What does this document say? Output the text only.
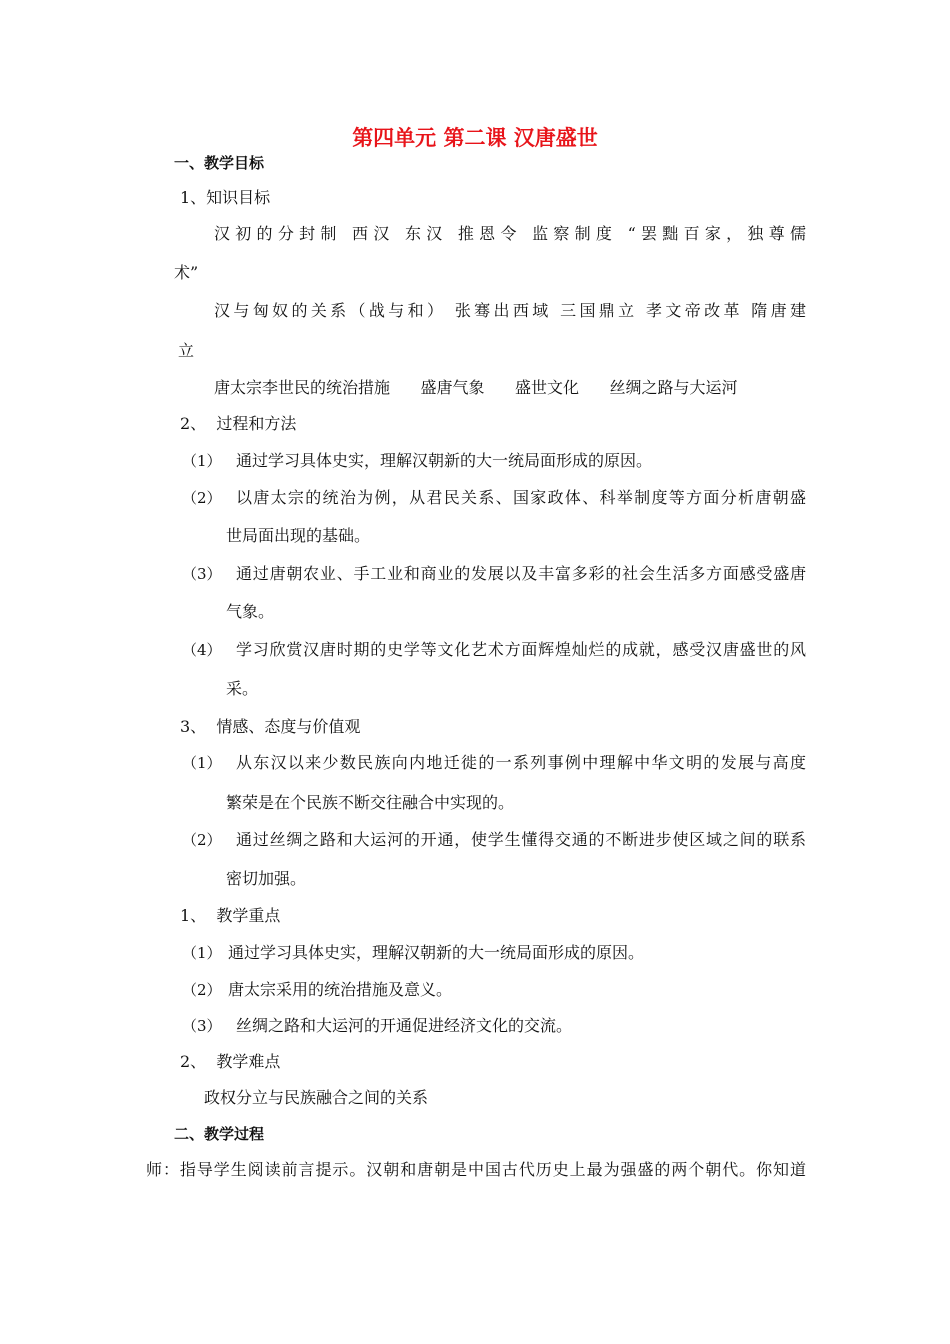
第四单元 第二课 汉唐盛世
一、教学目标
1、知识目标
汉初的分封制 西汉 东汉 推恩令 监察制度 “罢黜百家，独尊儒
术”
汉与匈奴的关系（战与和） 张骞出西域 三国鼎立 孝文帝改革 隋唐建
立
唐太宗李世民的统治措施      盛唐气象      盛世文化      丝绸之路与大运河
2、  过程和方法
（1） 通过学习具体史实，理解汉朝新的大一统局面形成的原因。
（2） 以唐太宗的统治为例，从君民关系、国家政体、科举制度等方面分析唐朝盛
世局面出现的基础。
（3） 通过唐朝农业、手工业和商业的发展以及丰富多彩的社会生活多方面感受盛唐
气象。
（4） 学习欣赏汉唐时期的史学等文化艺术方面辉煌灿烂的成就，感受汉唐盛世的风
采。
3、  情感、态度与价值观
（1） 从东汉以来少数民族向内地迁徙的一系列事例中理解中华文明的发展与高度
繁荣是在个民族不断交往融合中实现的。
（2） 通过丝绸之路和大运河的开通，使学生懂得交通的不断进步使区域之间的联系
密切加强。
1、  教学重点
（1） 通过学习具体史实，理解汉朝新的大一统局面形成的原因。
（2） 唐太宗采用的统治措施及意义。
（3） 丝绸之路和大运河的开通促进经济文化的交流。
2、  教学难点
政权分立与民族融合之间的关系
二、教学过程
师：指导学生阅读前言提示。汉朝和唐朝是中国古代历史上最为强盛的两个朝代。你知道
